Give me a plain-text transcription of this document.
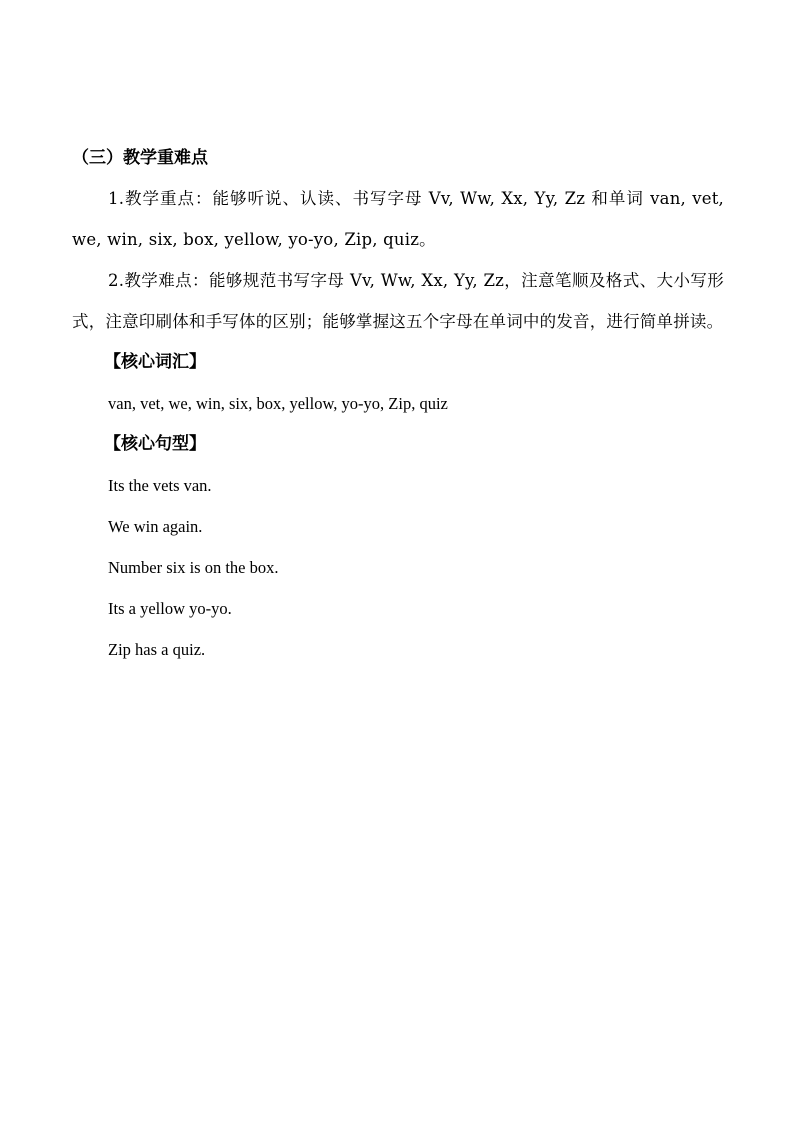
（三）教学重难点

1.教学重点：能够听说、认读、书写字母 Vv, Ww, Xx, Yy, Zz 和单词 van, vet, we, win, six, box, yellow, yo-yo, Zip, quiz。

2.教学难点：能够规范书写字母 Vv, Ww, Xx, Yy, Zz，注意笔顺及格式、大小写形式，注意印刷体和手写体的区别；能够掌握这五个字母在单词中的发音，进行简单拼读。

【核心词汇】

van, vet, we, win, six, box, yellow, yo-yo, Zip, quiz

【核心句型】

Its the vets van.

We win again.

Number six is on the box.

Its a yellow yo-yo.

Zip has a quiz.
